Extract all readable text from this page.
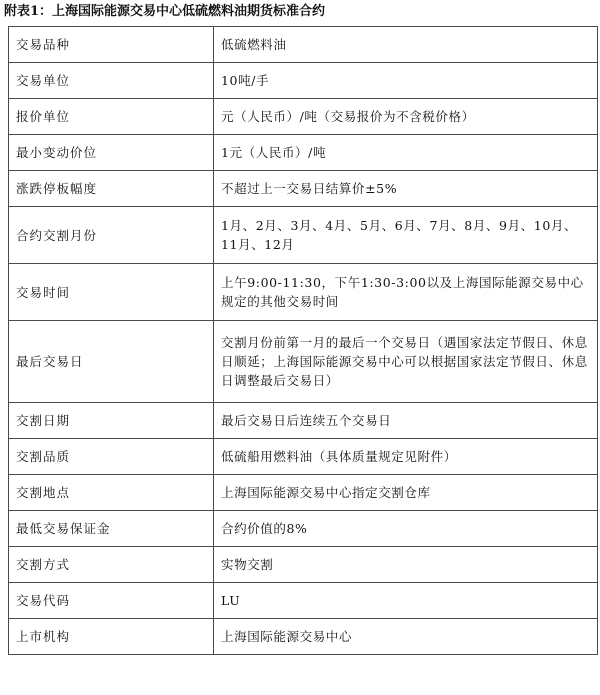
附表1：上海国际能源交易中心低硫燃料油期货标准合约
交易品种	低硫燃料油
交易单位	10吨/手
报价单位	元（人民币）/吨（交易报价为不含税价格）
最小变动价位	1元（人民币）/吨
涨跌停板幅度	不超过上一交易日结算价±5%
合约交割月份	1月、2月、3月、4月、5月、6月、7月、8月、9月、10月、11月、12月
交易时间	上午9:00-11:30，下午1:30-3:00以及上海国际能源交易中心规定的其他交易时间
最后交易日	交割月份前第一月的最后一个交易日（遇国家法定节假日、休息日顺延；上海国际能源交易中心可以根据国家法定节假日、休息日调整最后交易日）
交割日期	最后交易日后连续五个交易日
交割品质	低硫船用燃料油（具体质量规定见附件）
交割地点	上海国际能源交易中心指定交割仓库
最低交易保证金	合约价值的8%
交割方式	实物交割
交易代码	LU
上市机构	上海国际能源交易中心
